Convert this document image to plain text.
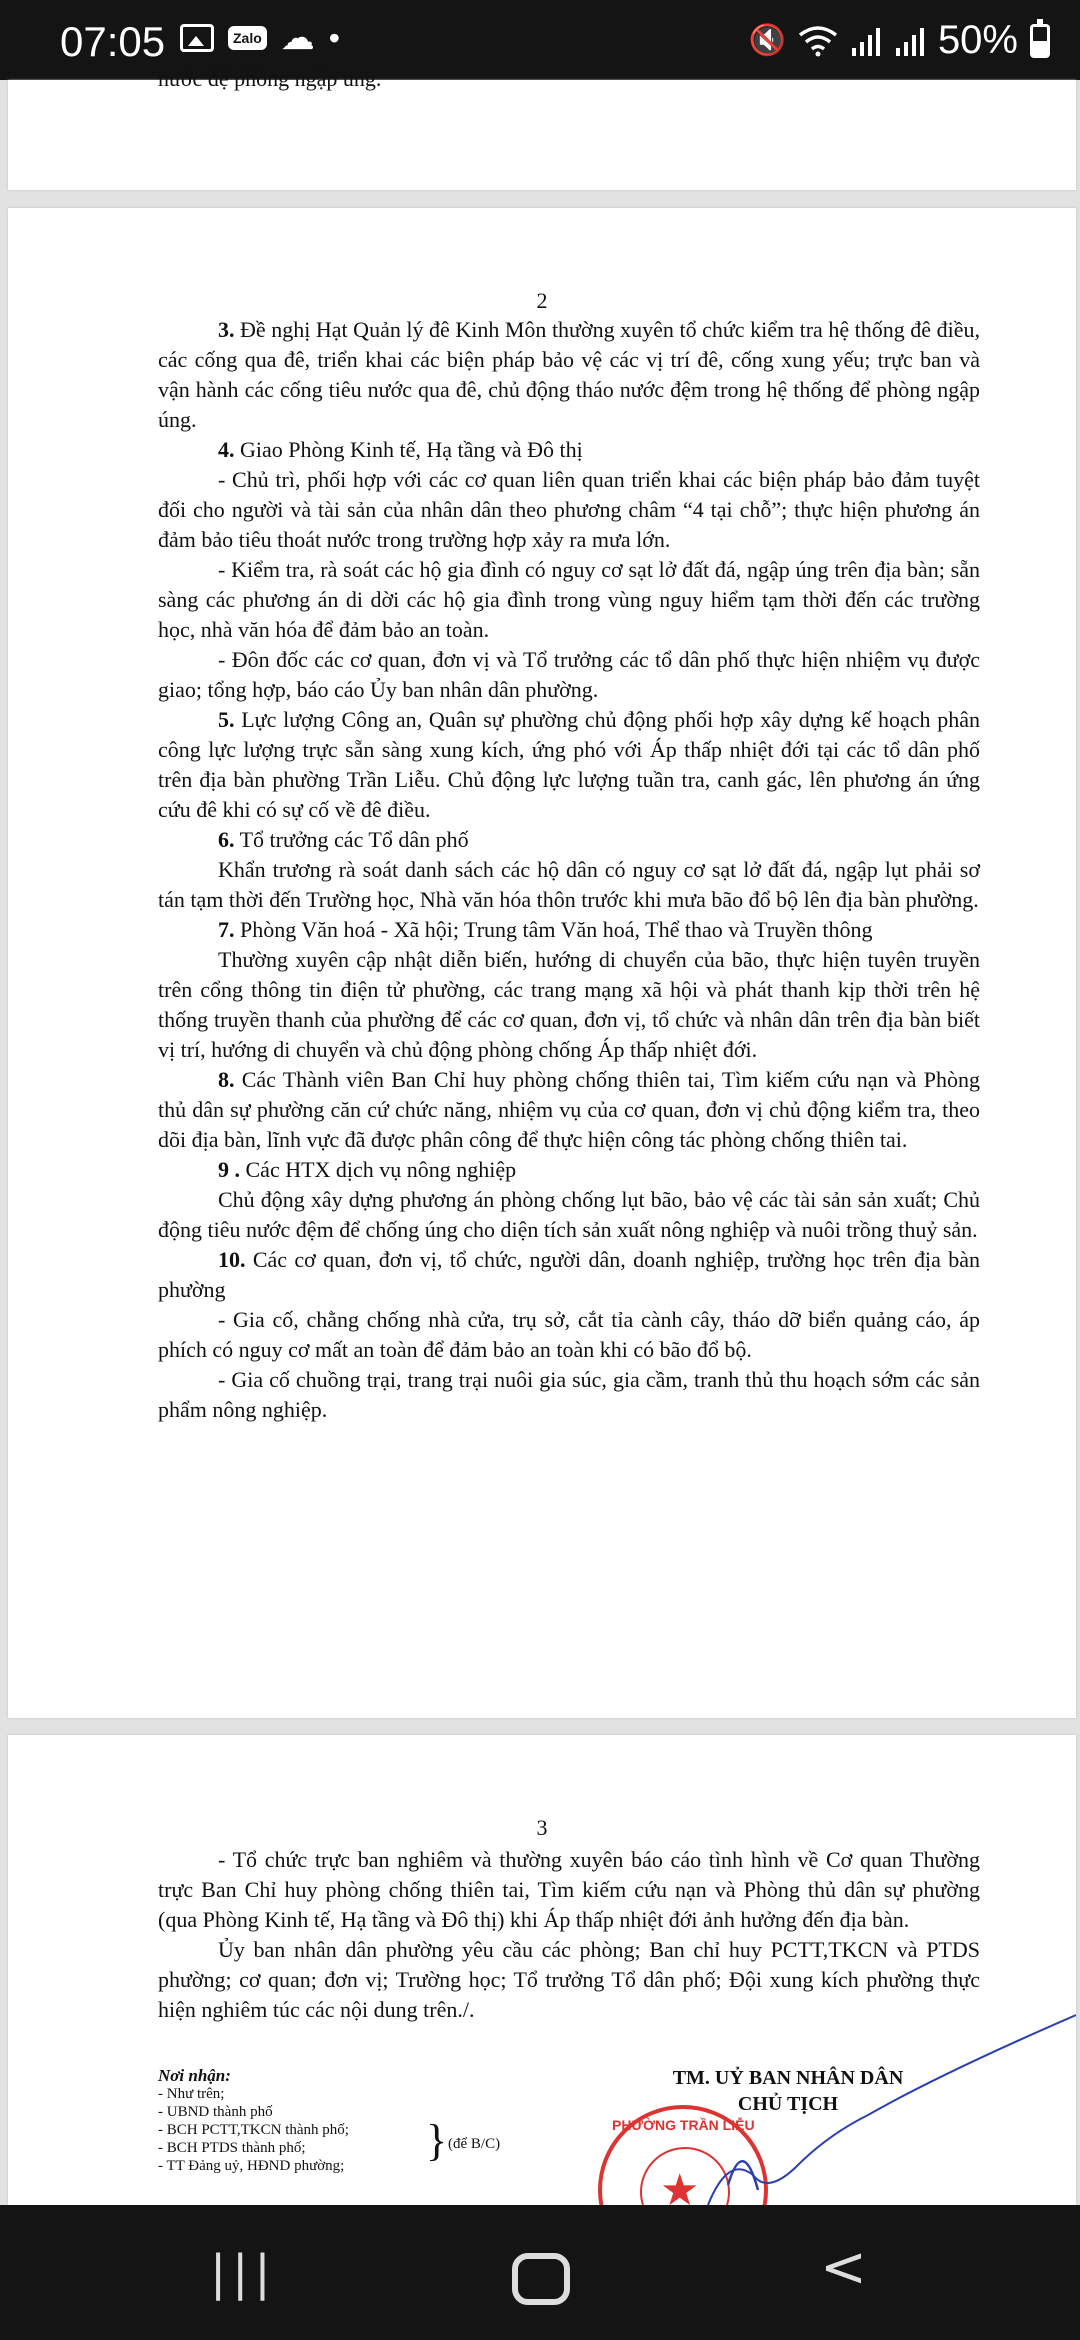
07:05	Zalo ☁ •	🔇	50%
nước đệ phòng ngập ung.
2

3. Đề nghị Hạt Quản lý đê Kinh Môn thường xuyên tổ chức kiểm tra hệ thống đê điều, các cống qua đê, triển khai các biện pháp bảo vệ các vị trí đê, cống xung yếu; trực ban và vận hành các cống tiêu nước qua đê, chủ động tháo nước đệm trong hệ thống để phòng ngập úng.

4. Giao Phòng Kinh tế, Hạ tầng và Đô thị

- Chủ trì, phối hợp với các cơ quan liên quan triển khai các biện pháp bảo đảm tuyệt đối cho người và tài sản của nhân dân theo phương châm “4 tại chỗ”; thực hiện phương án đảm bảo tiêu thoát nước trong trường hợp xảy ra mưa lớn.

- Kiểm tra, rà soát các hộ gia đình có nguy cơ sạt lở đất đá, ngập úng trên địa bàn; sẵn sàng các phương án di dời các hộ gia đình trong vùng nguy hiểm tạm thời đến các trường học, nhà văn hóa để đảm bảo an toàn.

- Đôn đốc các cơ quan, đơn vị và Tổ trưởng các tổ dân phố thực hiện nhiệm vụ được giao; tổng hợp, báo cáo Ủy ban nhân dân phường.

5. Lực lượng Công an, Quân sự phường chủ động phối hợp xây dựng kế hoạch phân công lực lượng trực sẵn sàng xung kích, ứng phó với Áp thấp nhiệt đới tại các tổ dân phố trên địa bàn phường Trần Liễu. Chủ động lực lượng tuần tra, canh gác, lên phương án ứng cứu đê khi có sự cố về đê điều.

6. Tổ trưởng các Tổ dân phố

Khẩn trương rà soát danh sách các hộ dân có nguy cơ sạt lở đất đá, ngập lụt phải sơ tán tạm thời đến Trường học, Nhà văn hóa thôn trước khi mưa bão đổ bộ lên địa bàn phường.

7. Phòng Văn hoá - Xã hội; Trung tâm Văn hoá, Thể thao và Truyền thông

Thường xuyên cập nhật diễn biến, hướng di chuyển của bão, thực hiện tuyên truyền trên cổng thông tin điện tử phường, các trang mạng xã hội và phát thanh kịp thời trên hệ thống truyền thanh của phường để các cơ quan, đơn vị, tổ chức và nhân dân trên địa bàn biết vị trí, hướng di chuyển và chủ động phòng chống Áp thấp nhiệt đới.

8. Các Thành viên Ban Chỉ huy phòng chống thiên tai, Tìm kiếm cứu nạn và Phòng thủ dân sự phường căn cứ chức năng, nhiệm vụ của cơ quan, đơn vị chủ động kiểm tra, theo dõi địa bàn, lĩnh vực đã được phân công để thực hiện công tác phòng chống thiên tai.

9 . Các HTX dịch vụ nông nghiệp

Chủ động xây dựng phương án phòng chống lụt bão, bảo vệ các tài sản sản xuất; Chủ động tiêu nước đệm để chống úng cho diện tích sản xuất nông nghiệp và nuôi trồng thuỷ sản.

10. Các cơ quan, đơn vị, tổ chức, người dân, doanh nghiệp, trường học trên địa bàn phường

- Gia cố, chằng chống nhà cửa, trụ sở, cắt tỉa cành cây, tháo dỡ biển quảng cáo, áp phích có nguy cơ mất an toàn để đảm bảo an toàn khi có bão đổ bộ.

- Gia cố chuồng trại, trang trại nuôi gia súc, gia cầm, tranh thủ thu hoạch sớm các sản phẩm nông nghiệp.

3

- Tổ chức trực ban nghiêm và thường xuyên báo cáo tình hình về Cơ quan Thường trực Ban Chỉ huy phòng chống thiên tai, Tìm kiếm cứu nạn và Phòng thủ dân sự phường (qua Phòng Kinh tế, Hạ tầng và Đô thị) khi Áp thấp nhiệt đới ảnh hưởng đến địa bàn.

Ủy ban nhân dân phường yêu cầu các phòng; Ban chỉ huy PCTT,TKCN và PTDS phường; cơ quan; đơn vị; Trường học; Tổ trưởng Tổ dân phố; Đội xung kích phường thực hiện nghiêm túc các nội dung trên./.

Nơi nhận:
- Như trên;
- UBND thành phố
- BCH PCTT,TKCN thành phố;
- BCH PTDS thành phố;
- TT Đảng uỷ, HĐND phường;
} (để B/C)
TM. UỶ BAN NHÂN DÂN
CHỦ TỊCH
★
PHƯỜNG TRẦN LIỄU
|||	<
